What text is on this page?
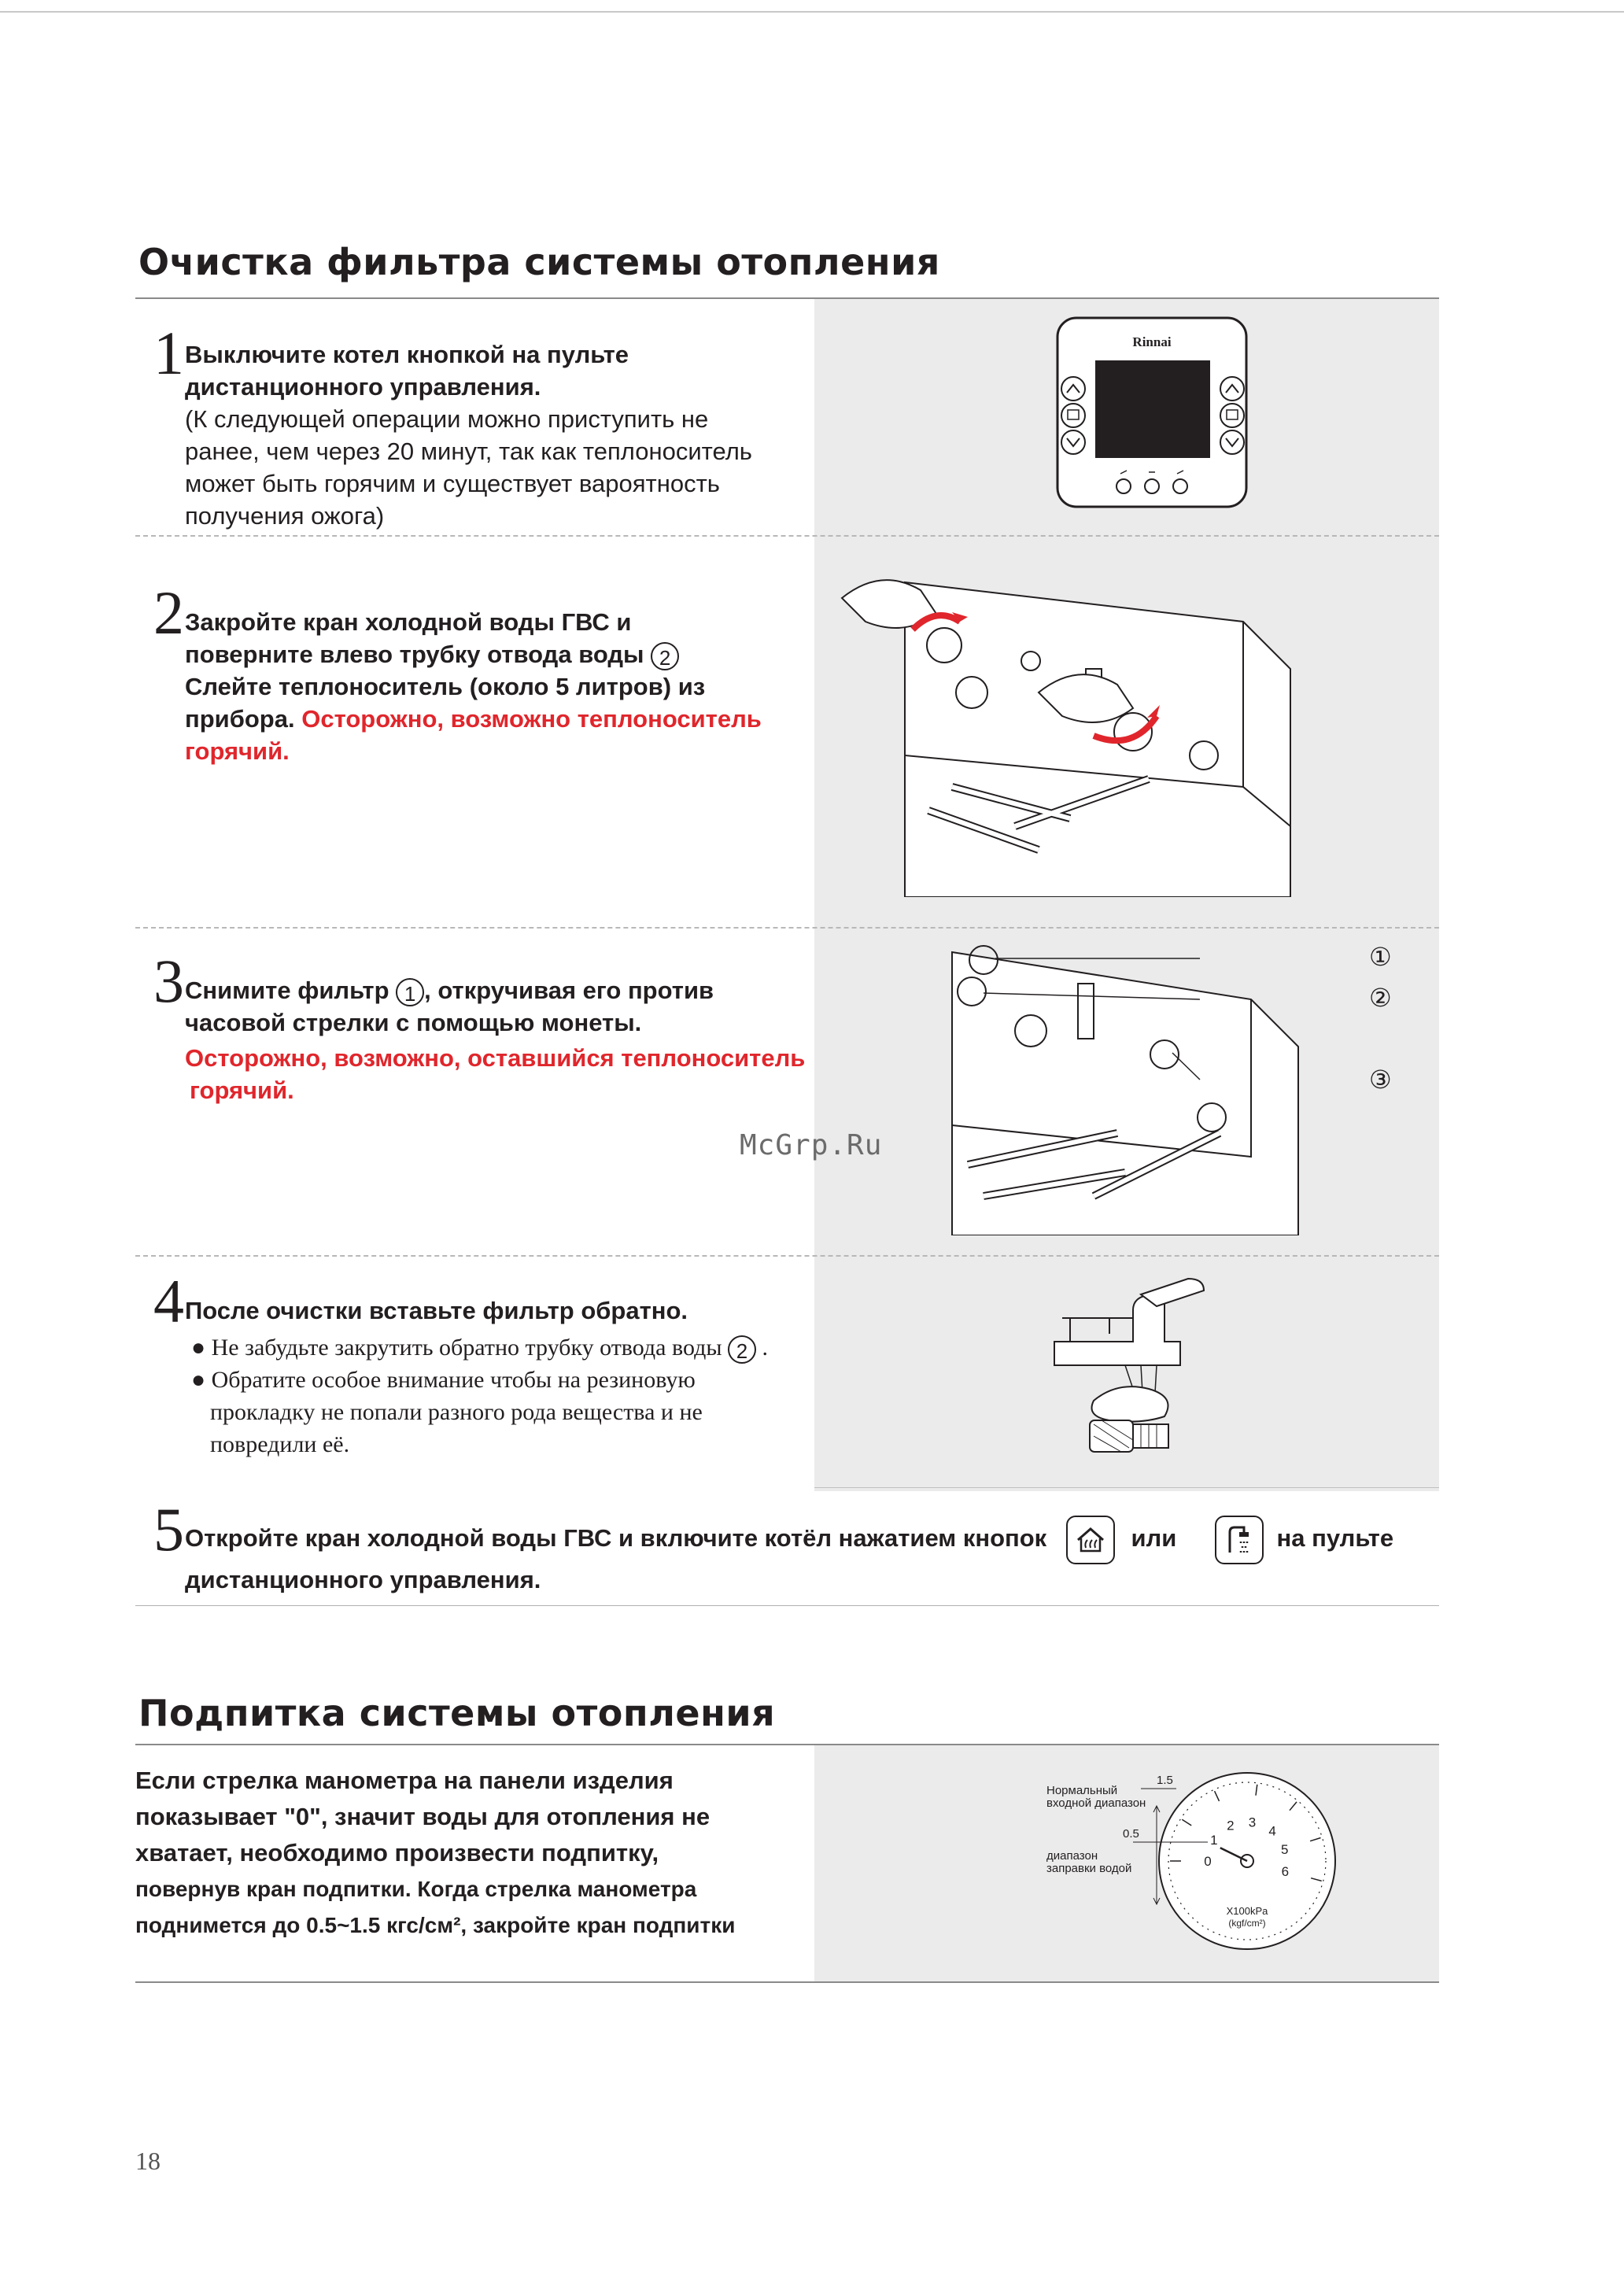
Очистка фильтра системы отопления
1 Выключите котел кнопкой на пульте
дистанционного управления.
(К следующей операции можно приступить не
ранее, чем через 20 минут, так как теплоноситель
может быть горячим и существует вароятность
получения ожога)
Rinnai
2 Закройте кран холодной воды ГВС и
поверните влево трубку отвода воды 2
Слейте теплоноситель (около 5 литров) из
прибора. Осторожно, возможно теплоноситель
горячий.
3 Снимите фильтр 1 , откручивая его против
часовой стрелки с помощью монеты.
Осторожно, возможно, оставшийся теплоноситель
горячий.
①
②
③
McGrp.Ru
4 После очистки вставьте фильтр обратно.
● Не забудьте закрутить обратно трубку отвода воды 2 .
● Обратите особое внимание чтобы на резиновую
прокладку не попали разного рода вещества и не
повредили её.
5 Откройте кран холодной воды ГВС и включите котёл нажатием кнопок	или	на пульте
дистанционного управления.
Подпитка системы отопления
Если стрелка манометра на панели изделия
показывает "0", значит воды для отопления не
хватает, необходимо произвести подпитку,
повернув кран подпитки. Когда стрелка манометра
поднимется до 0.5~1.5 кгс/см², закройте кран подпитки
0
1
2 3
4
5
6
Нормальный
входной диапазон
1.5
0.5
диапазон
заправки водой
X100kPa
(kgf/cm²)
18
